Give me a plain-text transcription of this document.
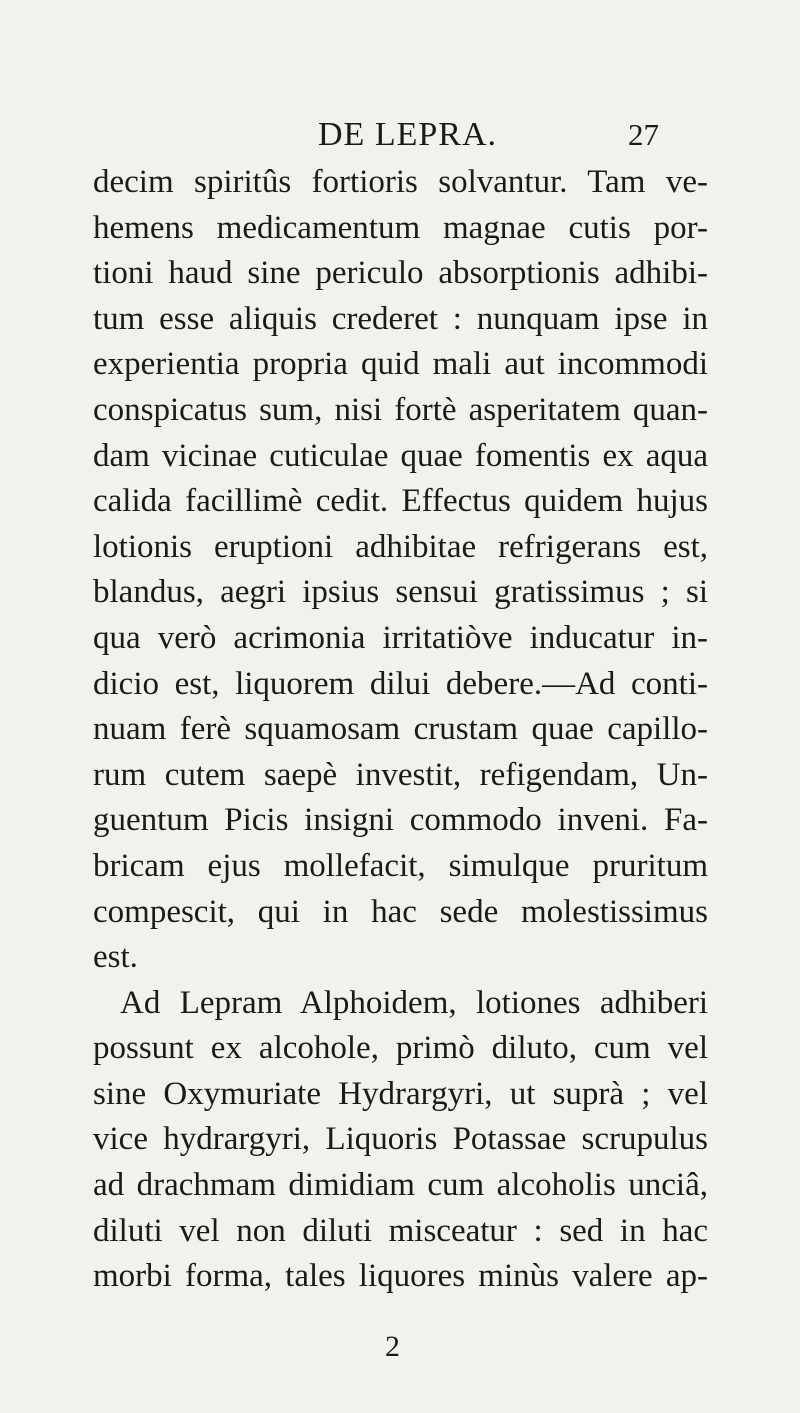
DE LEPRA.	27
decim spiritûs fortioris solvantur. Tam ve-
hemens medicamentum magnae cutis por-
tioni haud sine periculo absorptionis adhibi-
tum esse aliquis crederet : nunquam ipse in
experientia propria quid mali aut incommodi
conspicatus sum, nisi fortè asperitatem quan-
dam vicinae cuticulae quae fomentis ex aqua
calida facillimè cedit. Effectus quidem hujus
lotionis eruptioni adhibitae refrigerans est,
blandus, aegri ipsius sensui gratissimus ; si
qua verò acrimonia irritatiòve inducatur in-
dicio est, liquorem dilui debere.—Ad conti-
nuam ferè squamosam crustam quae capillo-
rum cutem saepè investit, refigendam, Un-
guentum Picis insigni commodo inveni. Fa-
bricam ejus mollefacit, simulque pruritum
compescit, qui in hac sede molestissimus
est.
Ad Lepram Alphoidem, lotiones adhiberi
possunt ex alcohole, primò diluto, cum vel
sine Oxymuriate Hydrargyri, ut suprà ; vel
vice hydrargyri, Liquoris Potassae scrupulus
ad drachmam dimidiam cum alcoholis unciâ,
diluti vel non diluti misceatur : sed in hac
morbi forma, tales liquores minùs valere ap-
2
